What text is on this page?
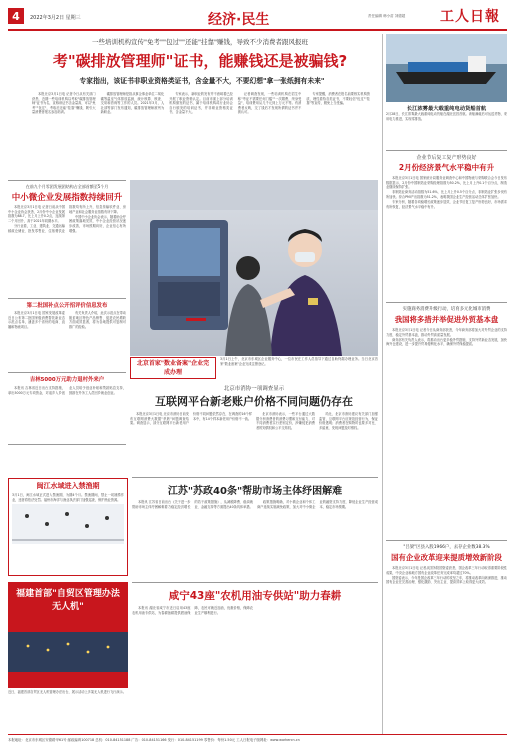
4	2022年3月2日 星期三	经济·民生	责任编辑 韩小苗 刘德超 工人日報
一些培训机构宣传"免考""包过""还能"挂靠"赚钱，导致不少消费者跟风报班
考"碳排放管理师"证书，能赚钱还是被骗钱?
专家指出，该证书非职业资格类证书，含金量不大，不要幻想"拿一张纸拥有未来"

本报北京3月1日电 记者今日从有关部门获悉，近期一些培训机构以考取"碳排放管理师"证书为名，宣称该证书含金量高，可以"免考""包过"，考取后还能"挂靠"赚钱，吸引大量消费者报名参加培训。

碳排放管理师是指从事企事业单位二氧化碳等温室气体排放监测、统计核算、核查、交易和咨询等工作的人员。2021年3月，人社部等部门发布通知，碳排放管理师被列为新职业。

专家表示，新职业的发布并不意味着已经开展了职业资格认定。目前市面上部分培训机构颁发的证书，属于培训机构或行业协会自行颁发的培训证书，并非职业资格类证书，含金量不大。

记者调查发现，一些培训机构在招生中称"考证不需要任何门槛""一次缴费，终身受益"，培训费用从几千元到上万元不等。有消费者反映，交了钱后才发现所谓的证书并不被认可。

专家提醒，消费者在报名前要核实机构资质，理性看待各类证书，不要轻信"包过""挂靠"等宣传，避免上当受骗。

在前九个月零团发展团结构占全部首额至5个月
中小微企业发展指数持续回升

本报北京3月1日电 记者日前从中国中小企业协会获悉，2月份中小企业发展指数为88.7，比上月上升0.2点，连续第二个月回升，高于2021年同期水平。

分行业看，工业、建筑业、交通运输邮政仓储业、批发零售业、住宿餐饮业指数均有所上升，信息传输软件业、房地产业和社会服务业指数有所下降。

中国中小企业协会表示，随着助企纾困政策落地见效，中小企业经营状况逐步改善，市场预期向好，企业信心有所增强。

第二批国补点公开招评价信息发布

本报北京3月1日电 国家发展改革委近日公布第二批国家级消费帮扶新业态示范点名单，涵盖多个省份的电商、直播和物流项目。

有关负责人介绍，此次示范点在带动脱贫地区特色产品销售、促进农民增收方面成效显著，将为各地提供可复制可推广的经验。

吉林5000万元助力退村外来户

本报讯 吉林省近日出台支持措施，拿出5000万元专项资金，对返乡入乡创业人员给予创业补贴和贷款贴息支持，鼓励在外务工人员回乡就业创业。

北京首家"数业备案"企业完成办理
3月1日上午，北京市东城区企业服务中心，一位市民在工作人员指导下通过自助终端办理业务。当日北京首家"数业备案"企业完成注册登记。
北京市消协一项调查显示
互联网平台新老账户价格不同问题仍存在

本报北京3月1日电 北京市消协日前发布互联网消费大数据"杀熟"问题调查结果。调查显示，部分互联网平台新老用户价格不同问题依然存在，在调查的16个样本中，有14个样本新老用户价格不一致。

北京市消协表示，一些平台通过大数据分析消费者的消费习惯和支付能力，对不同消费者实行差别定价，涉嫌侵犯消费者的知情权和公平交易权。

对此，北京市消协建议有关部门加强监管，互联网平台应规范经营行为，保证价格透明；消费者在购物时也要多对比、多留意，发现问题及时维权。

闽江水域进入禁渔期
3月1日，闽江水域正式进入禁渔期，为期4个月。禁渔期间，禁止一切捕捞作业，违者将依法处罚。福州市海洋与渔业执法部门加强巡查，保护渔业资源。
江苏"苏政40条"帮助市场主体纾困解难

本报讯 江苏省日前出台《关于进一步帮助市场主体纾困解难着力稳定经济增长的若干政策措施》，从减税降费、稳岗就业、金融支持等方面提出40条具体举措。

政策措施明确，对小微企业和个体工商户延续实施减免政策，加大对中小微企业的融资支持力度，降低企业生产经营成本，稳定市场预期。

福建首部"自贸区管理办法无人机"
近日，福建首部自贸区无人机管理办法出台，展示活动上多架无人机进行飞行演示。
咸宁43座"农机用油专供站"助力春耕

本报讯 湖北省咸宁市近日启用43座农机用油专供站，为春耕备耕提供燃油保障，农民可就近加油，优惠价格，保障农业生产顺利进行。

长江浓雾最大载重纯电动货船首航
2月28日，长江浓雾最大载重纯电动货船在湖北宜昌首航。该船满载后可运送货物，采用电力推进，实现零排放。
企业节后复工复产形势良好
2月份经济景气水平稳中有升

本报北京3月1日电 国家统计局服务业调查中心和中国物流与采购联合会今日发布数据显示，2月份中国制造业采购经理指数为50.2%，比上月上升0.1个百分点，制造业继续保持扩张。

非制造业商务活动指数为51.6%，比上月上升0.5个百分点，非制造业扩张步伐有所加快。综合PMI产出指数为51.2%，表明我国企业生产经营活动总体扩张加快。

专家分析，随着各项稳增长政策逐步显效，企业节后复工复产形势良好，市场需求有所恢复，经济景气水平稳中有升。

实施商务消费升级行动，培育多元化城市消费
我国将多措并举促进外贸基本盘

本报北京3月1日电 记者今日从商务部获悉，今年商务部将加大对外贸企业的支持力度，稳定外贸基本盘，推动外贸高质量发展。

商务部有关负责人表示，将推动出台更多稳外贸措施，支持外贸新业态发展，加快海外仓建设，进一步提升贸易便利化水平，确保外贸保稳提质。

"吕梁"区县入股1966户，去存企业数38.3%
国有企业改革迎来提质增效新阶段

本报北京3月1日电 记者从国务院国资委获悉，国企改革三年行动取得重要阶段性成果，中央企业和地方国有企业改革任务完成率均超过70%。

国资委表示，今年是国企改革三年行动的攻坚之年，将推动改革向纵深推进，推动国有企业在完善治理、强化激励、突出主业、提高效率上取得更大成效。

本报地址：北京市东城区安德路甲61号 邮政编码100718 总机：010-84151188 广告：010-84151166 发行：010-84151199 零售价：每份1.50元 工人日报电子版网址：www.workercn.cn
